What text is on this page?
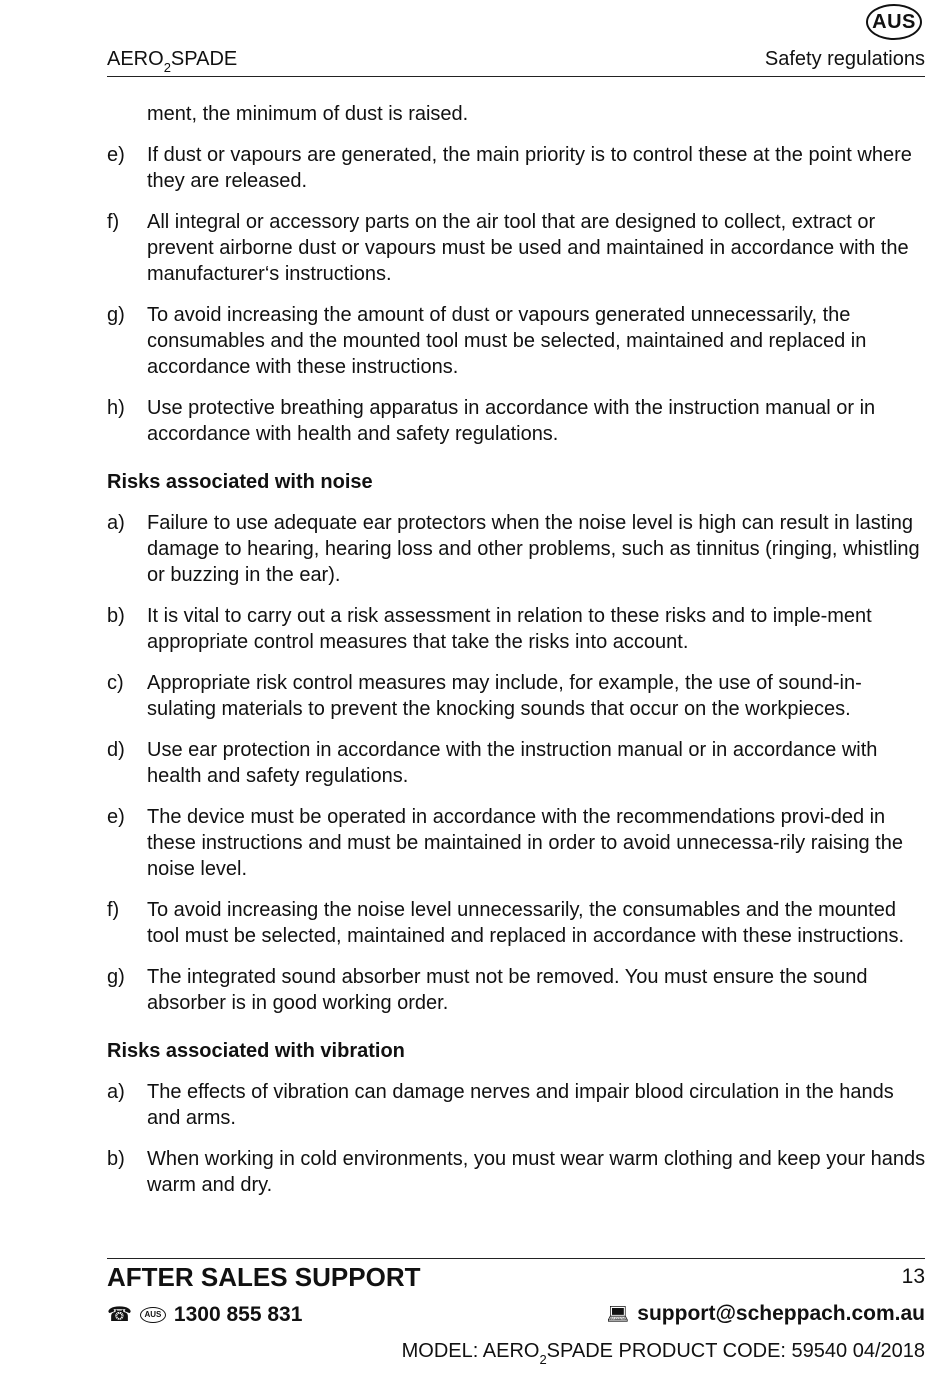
AUS
$AERO_2SPADE$	Safety regulations
ment, the minimum of dust is raised.
e) If dust or vapours are generated, the main priority is to control these at the point where they are released.
f) All integral or accessory parts on the air tool that are designed to collect, extract or prevent airborne dust or vapours must be used and maintained in accordance with the manufacturer‘s instructions.
g) To avoid increasing the amount of dust or vapours generated unnecessarily, the consumables and the mounted tool must be selected, maintained and replaced in accordance with these instructions.
h) Use protective breathing apparatus in accordance with the instruction manual or in accordance with health and safety regulations.
Risks associated with noise
a) Failure to use adequate ear protectors when the noise level is high can result in lasting damage to hearing, hearing loss and other problems, such as tinnitus (ringing, whistling or buzzing in the ear).
b) It is vital to carry out a risk assessment in relation to these risks and to imple-ment appropriate control measures that take the risks into account.
c) Appropriate risk control measures may include, for example, the use of sound-in-sulating materials to prevent the knocking sounds that occur on the workpieces.
d) Use ear protection in accordance with the instruction manual or in accordance with health and safety regulations.
e) The device must be operated in accordance with the recommendations provi-ded in these instructions and must be maintained in order to avoid unnecessa-rily raising the noise level.
f) To avoid increasing the noise level unnecessarily, the consumables and the mounted tool must be selected, maintained and replaced in accordance with these instructions.
g) The integrated sound absorber must not be removed. You must ensure the sound absorber is in good working order.
Risks associated with vibration
a) The effects of vibration can damage nerves and impair blood circulation in the hands and arms.
b) When working in cold environments, you must wear warm clothing and keep your hands warm and dry.
AFTER SALES SUPPORT	13
☎	AUS 1300 855 831	💻︎ support@scheppach.com.au
MODEL: $AERO_2SPADE$ PRODUCT CODE: 59540 04/2018
